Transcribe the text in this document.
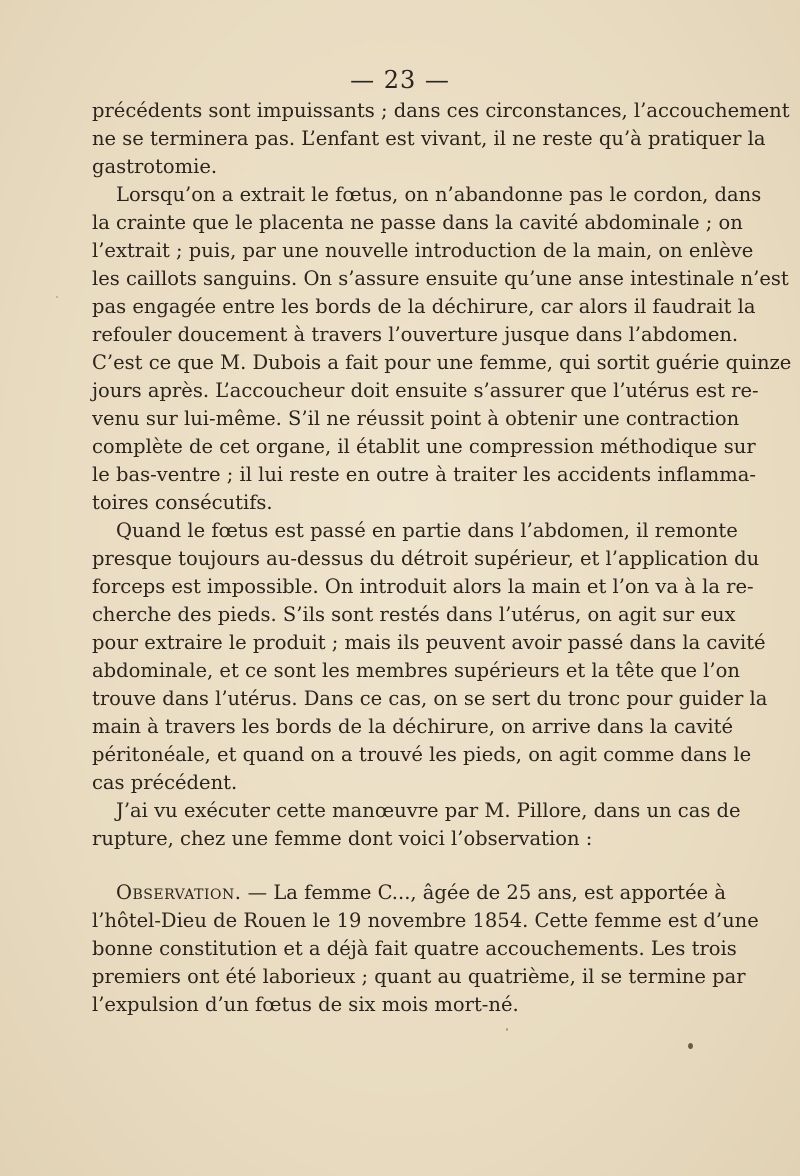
— 23 —
précédents sont impuissants ; dans ces circonstances, l’accouchement
ne se terminera pas. L’enfant est vivant, il ne reste qu’à pratiquer la
gastrotomie.
Lorsqu’on a extrait le fœtus, on n’abandonne pas le cordon, dans
la crainte que le placenta ne passe dans la cavité abdominale ; on
l’extrait ; puis, par une nouvelle introduction de la main, on enlève
les caillots sanguins. On s’assure ensuite qu’une anse intestinale n’est
pas engagée entre les bords de la déchirure, car alors il faudrait la
refouler doucement à travers l’ouverture jusque dans l’abdomen.
C’est ce que M. Dubois a fait pour une femme, qui sortit guérie quinze
jours après. L’accoucheur doit ensuite s’assurer que l’utérus est re-
venu sur lui-même. S’il ne réussit point à obtenir une contraction
complète de cet organe, il établit une compression méthodique sur
le bas-ventre ; il lui reste en outre à traiter les accidents inflamma-
toires consécutifs.
Quand le fœtus est passé en partie dans l’abdomen, il remonte
presque toujours au-dessus du détroit supérieur, et l’application du
forceps est impossible. On introduit alors la main et l’on va à la re-
cherche des pieds. S’ils sont restés dans l’utérus, on agit sur eux
pour extraire le produit ; mais ils peuvent avoir passé dans la cavité
abdominale, et ce sont les membres supérieurs et la tête que l’on
trouve dans l’utérus. Dans ce cas, on se sert du tronc pour guider la
main à travers les bords de la déchirure, on arrive dans la cavité
péritonéale, et quand on a trouvé les pieds, on agit comme dans le
cas précédent.
J’ai vu exécuter cette manœuvre par M. Pillore, dans un cas de
rupture, chez une femme dont voici l’observation :
Observation. — La femme C..., âgée de 25 ans, est apportée à
l’hôtel-Dieu de Rouen le 19 novembre 1854. Cette femme est d’une
bonne constitution et a déjà fait quatre accouchements. Les trois
premiers ont été laborieux ; quant au quatrième, il se termine par
l’expulsion d’un fœtus de six mois mort-né.
